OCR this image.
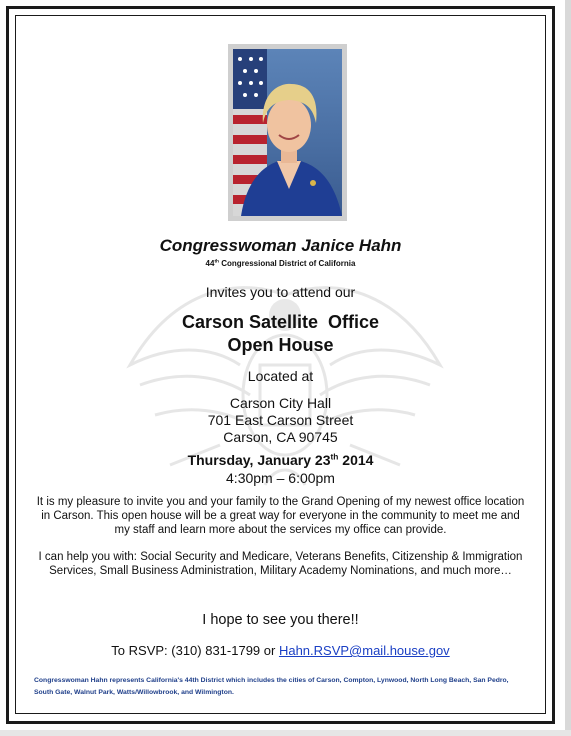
Congresswoman Janice Hahn
44th Congressional District of California
Invites you to attend our
Carson Satellite  Office
Open House
Located at
Carson City Hall
701 East Carson Street
Carson, CA 90745
Thursday, January 23th 2014
4:30pm – 6:00pm
It is my pleasure to invite you and your family to the Grand Opening of my newest office location in Carson. This open house will be a great way for everyone in the community to meet me and my staff and learn more about the services my office can provide.
I can help you with: Social Security and Medicare, Veterans Benefits, Citizenship & Immigration Services, Small Business Administration, Military Academy Nominations, and much more…
I hope to see you there!!
To RSVP: (310) 831-1799 or Hahn.RSVP@mail.house.gov
Congresswoman Hahn represents California's 44th District which includes the cities of Carson, Compton, Lynwood, North Long Beach, San Pedro, South Gate, Walnut Park, Watts/Willowbrook, and Wilmington.
